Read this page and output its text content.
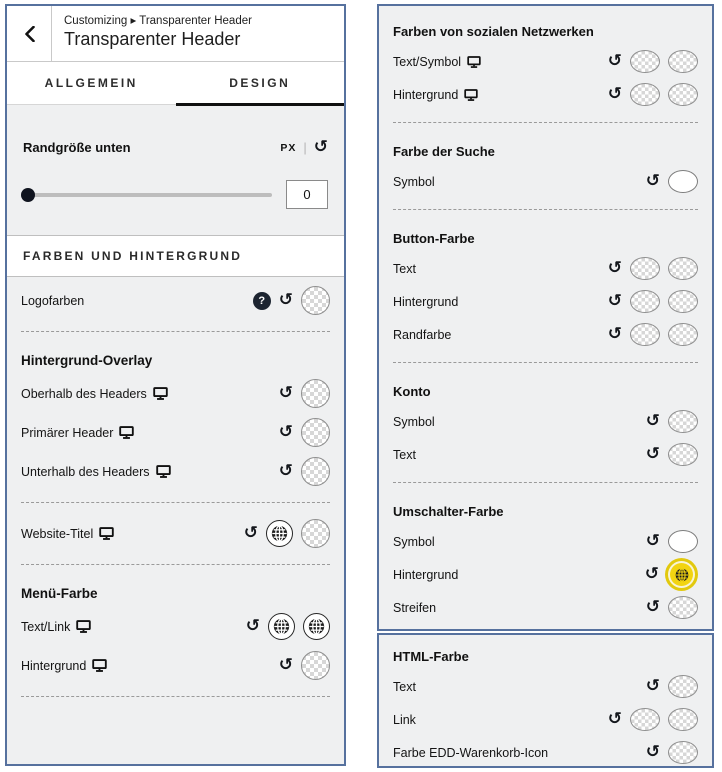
Customizing ▸ Transparenter Header
Transparenter Header
ALLGEMEIN	DESIGN
Randgröße unten	PX | ↺
0
FARBEN UND HINTERGRUND
Logofarben	? ↺
Hintergrund-Overlay
Oberhalb des Headers	↺
Primärer Header	↺
Unterhalb des Headers	↺
Website-Titel	↺
Menü-Farbe
Text/Link	↺
Hintergrund	↺
Farben von sozialen Netzwerken
Text/Symbol	↺
Hintergrund	↺
Farbe der Suche
Symbol	↺
Button-Farbe
Text	↺
Hintergrund	↺
Randfarbe	↺
Konto
Symbol	↺
Text	↺
Umschalter-Farbe
Symbol	↺
Hintergrund	↺
Streifen	↺
HTML-Farbe
Text	↺
Link	↺
Farbe EDD-Warenkorb-Icon	↺
